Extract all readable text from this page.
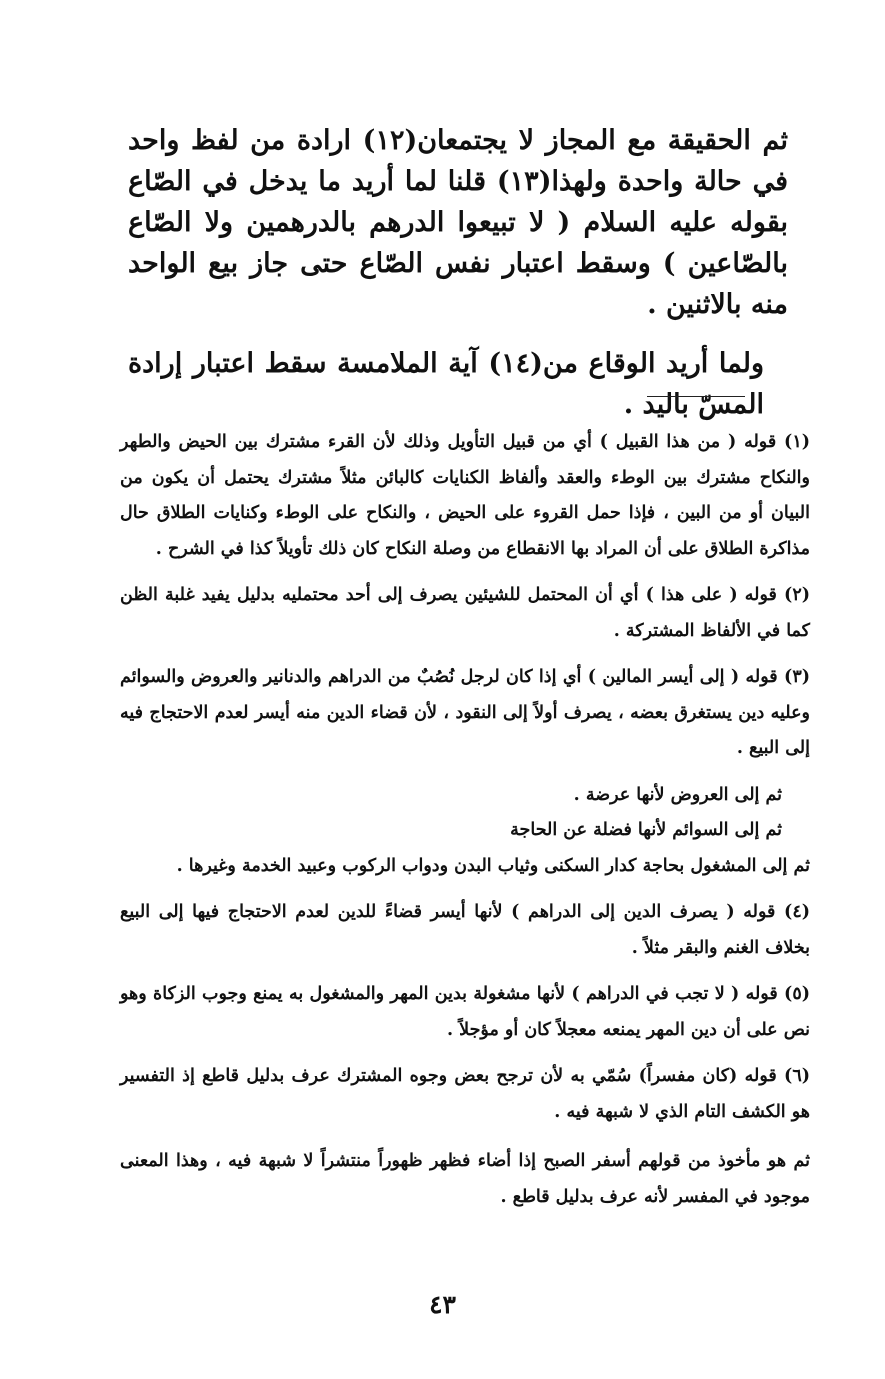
ثم الحقيقة مع المجاز لا يجتمعان(١٢) ارادة من لفظ واحد في حالة واحدة ولهذا(١٣) قلنا لما أريد ما يدخل في الصّاع بقوله عليه السلام ( لا تبيعوا الدرهم بالدرهمين ولا الصّاع بالصّاعين ) وسقط اعتبار نفس الصّاع حتى جاز بيع الواحد منه بالاثنين .

ولما أريد الوقاع من(١٤) آية الملامسة سقط اعتبار إرادة المسّ باليد .

(١) قوله ( من هذا القبيل ) أي من قبيل التأويل وذلك لأن القرء مشترك بين الحيض والطهر والنكاح مشترك بين الوطء والعقد وألفاظ الكنايات كالبائن مثلاً مشترك يحتمل أن يكون من البيان أو من البين ، فإذا حمل القروء على الحيض ، والنكاح على الوطء وكنايات الطلاق حال مذاكرة الطلاق على أن المراد بها الانقطاع من وصلة النكاح كان ذلك تأويلاً كذا في الشرح .

(٢) قوله ( على هذا ) أي أن المحتمل للشيئين يصرف إلى أحد محتمليه بدليل يفيد غلبة الظن كما في الألفاظ المشتركة .

(٣) قوله ( إلى أيسر المالين ) أي إذا كان لرجل نُصُبٌ من الدراهم والدنانير والعروض والسوائم وعليه دين يستغرق بعضه ، يصرف أولاً إلى النقود ، لأن قضاء الدين منه أيسر لعدم الاحتجاج فيه إلى البيع .

ثم إلى العروض لأنها عرضة .

ثم إلى السوائم لأنها فضلة عن الحاجة

ثم إلى المشغول بحاجة كدار السكنى وثياب البدن ودواب الركوب وعبيد الخدمة وغيرها .

(٤) قوله ( يصرف الدين إلى الدراهم ) لأنها أيسر قضاءً للدين لعدم الاحتجاج فيها إلى البيع بخلاف الغنم والبقر مثلاً .

(٥) قوله ( لا تجب في الدراهم ) لأنها مشغولة بدين المهر والمشغول به يمنع وجوب الزكاة وهو نص على أن دين المهر يمنعه معجلاً كان أو مؤجلاً .

(٦) قوله (كان مفسراً) سُمّي به لأن ترجح بعض وجوه المشترك عرف بدليل قاطع إذ التفسير هو الكشف التام الذي لا شبهة فيه .

ثم هو مأخوذ من قولهم أسفر الصبح إذا أضاء فظهر ظهوراً منتشراً لا شبهة فيه ، وهذا المعنى موجود في المفسر لأنه عرف بدليل قاطع .

٤٣
